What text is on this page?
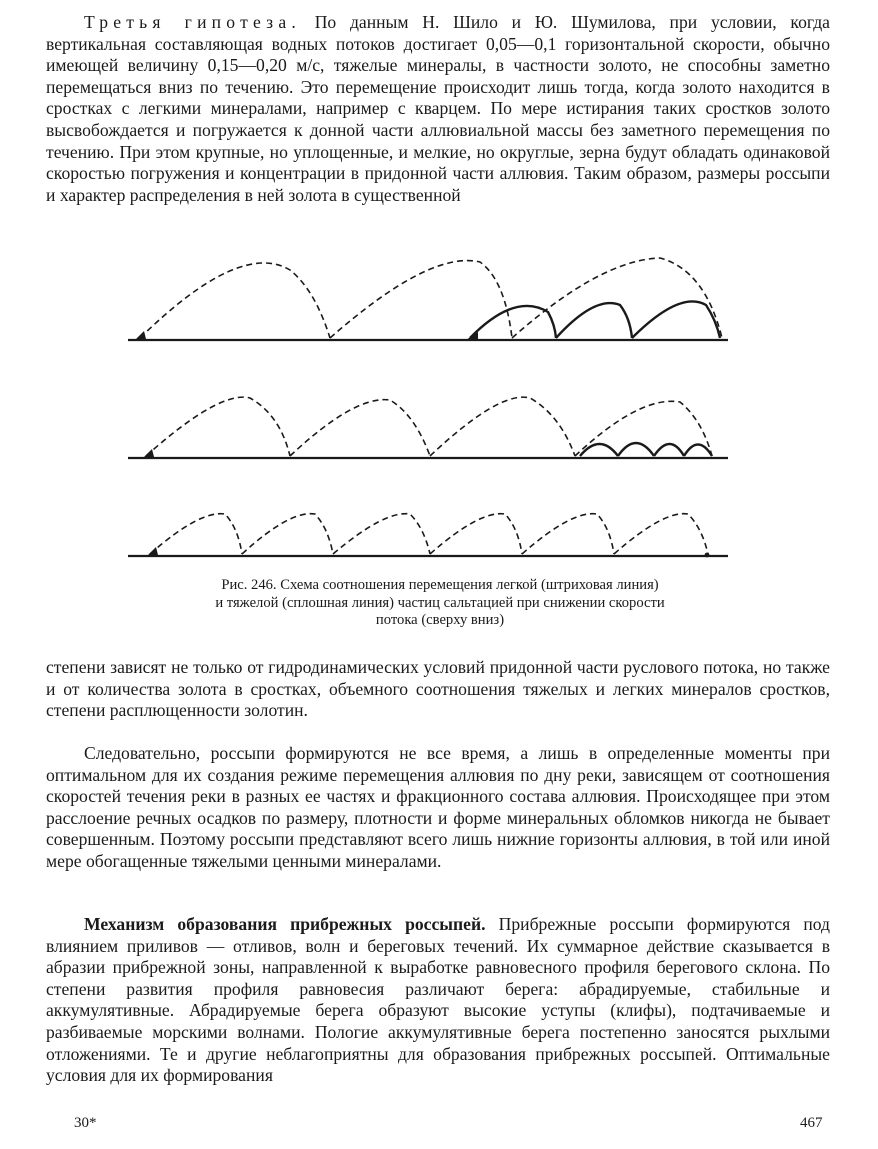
Третья гипотеза. По данным Н. Шило и Ю. Шумилова, при условии, когда вертикальная составляющая водных потоков достигает 0,05—0,1 горизонтальной скорости, обычно имеющей величину 0,15—0,20 м/с, тяжелые минералы, в частности золото, не способны заметно перемещаться вниз по течению. Это перемещение происходит лишь тогда, когда золото находится в сростках с легкими минералами, например с кварцем. По мере истирания таких сростков золото высвобождается и погружается к донной части аллювиальной массы без заметного перемещения по течению. При этом крупные, но уплощенные, и мелкие, но округлые, зерна будут обладать одинаковой скоростью погружения и концентрации в придонной части аллювия. Таким образом, размеры россыпи и характер распределения в ней золота в существенной

Рис. 246. Схема соотношения перемещения легкой (штриховая линия)
и тяжелой (сплошная линия) частиц сальтацией при снижении скорости
потока (сверху вниз)

степени зависят не только от гидродинамических условий придонной части руслового потока, но также и от количества золота в сростках, объемного соотношения тяжелых и легких минералов сростков, степени расплющенности золотин.

Следовательно, россыпи формируются не все время, а лишь в определенные моменты при оптимальном для их создания режиме перемещения аллювия по дну реки, зависящем от соотношения скоростей течения реки в разных ее частях и фракционного состава аллювия. Происходящее при этом расслоение речных осадков по размеру, плотности и форме минеральных обломков никогда не бывает совершенным. Поэтому россыпи представляют всего лишь нижние горизонты аллювия, в той или иной мере обогащенные тяжелыми ценными минералами.

Механизм образования прибрежных россыпей. Прибрежные россыпи формируются под влиянием приливов — отливов, волн и береговых течений. Их суммарное действие сказывается в абразии прибрежной зоны, направленной к выработке равновесного профиля берегового склона. По степени развития профиля равновесия различают берега: абрадируемые, стабильные и аккумулятивные. Абрадируемые берега образуют высокие уступы (клифы), подтачиваемые и разбиваемые морскими волнами. Пологие аккумулятивные берега постепенно заносятся рыхлыми отложениями. Те и другие неблагоприятны для образования прибрежных россыпей. Оптимальные условия для их формирования

30*	467
